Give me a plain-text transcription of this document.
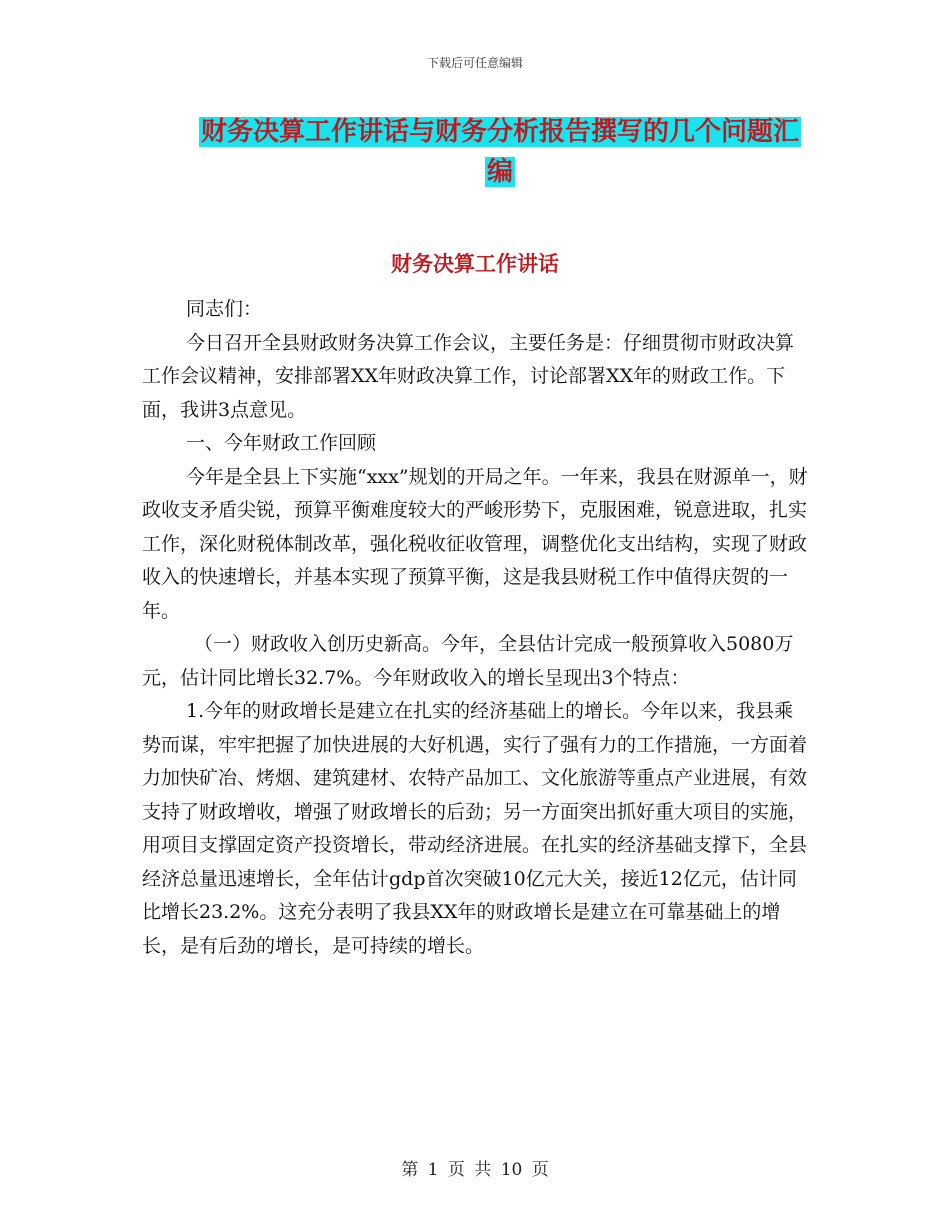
下载后可任意编辑
财务决算工作讲话与财务分析报告撰写的几个问题汇编
财务决算工作讲话

同志们：

今日召开全县财政财务决算工作会议，主要任务是：仔细贯彻市财政决算工作会议精神，安排部署XX年财政决算工作，讨论部署XX年的财政工作。下面，我讲3点意见。

一、今年财政工作回顾

今年是全县上下实施“xxx”规划的开局之年。一年来，我县在财源单一，财政收支矛盾尖锐，预算平衡难度较大的严峻形势下，克服困难，锐意进取，扎实工作，深化财税体制改革，强化税收征收管理，调整优化支出结构，实现了财政收入的快速增长，并基本实现了预算平衡，这是我县财税工作中值得庆贺的一年。

（一）财政收入创历史新高。今年，全县估计完成一般预算收入5080万元，估计同比增长32.7%。今年财政收入的增长呈现出3个特点：

1.今年的财政增长是建立在扎实的经济基础上的增长。今年以来，我县乘势而谋，牢牢把握了加快进展的大好机遇，实行了强有力的工作措施，一方面着力加快矿冶、烤烟、建筑建材、农特产品加工、文化旅游等重点产业进展，有效支持了财政增收，增强了财政增长的后劲；另一方面突出抓好重大项目的实施，用项目支撑固定资产投资增长，带动经济进展。在扎实的经济基础支撑下，全县经济总量迅速增长，全年估计gdp首次突破10亿元大关，接近12亿元，估计同比增长23.2%。这充分表明了我县XX年的财政增长是建立在可靠基础上的增长，是有后劲的增长，是可持续的增长。

第 1 页 共 10 页
